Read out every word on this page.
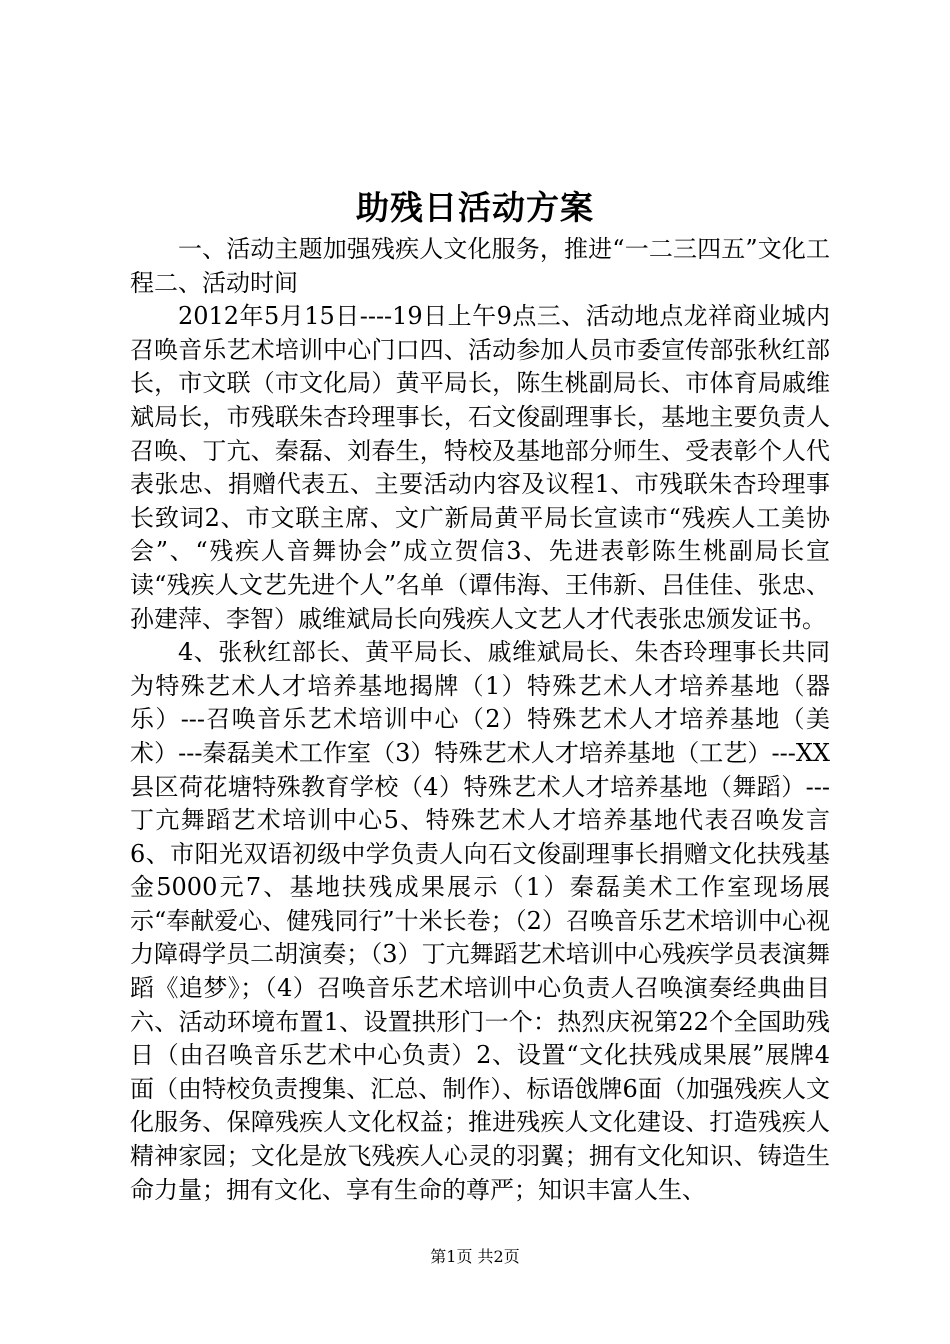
助残日活动方案

一、活动主题加强残疾人文化服务，推进“一二三四五”文化工程二、活动时间

2012年5月15日----19日上午9点三、活动地点龙祥商业城内召唤音乐艺术培训中心门口四、活动参加人员市委宣传部张秋红部长，市文联（市文化局）黄平局长，陈生桃副局长、市体育局戚维斌局长，市残联朱杏玲理事长，石文俊副理事长，基地主要负责人召唤、丁亢、秦磊、刘春生，特校及基地部分师生、受表彰个人代表张忠、捐赠代表五、主要活动内容及议程1、市残联朱杏玲理事长致词2、市文联主席、文广新局黄平局长宣读市“残疾人工美协会”、“残疾人音舞协会”成立贺信3、先进表彰陈生桃副局长宣读“残疾人文艺先进个人”名单（谭伟海、王伟新、吕佳佳、张忠、孙建萍、李智）戚维斌局长向残疾人文艺人才代表张忠颁发证书。

4、张秋红部长、黄平局长、戚维斌局长、朱杏玲理事长共同为特殊艺术人才培养基地揭牌（1）特殊艺术人才培养基地（器乐）---召唤音乐艺术培训中心（2）特殊艺术人才培养基地（美术）---秦磊美术工作室（3）特殊艺术人才培养基地（工艺）---XX县区荷花塘特殊教育学校（4）特殊艺术人才培养基地（舞蹈）---丁亢舞蹈艺术培训中心5、特殊艺术人才培养基地代表召唤发言6、市阳光双语初级中学负责人向石文俊副理事长捐赠文化扶残基金5000元7、基地扶残成果展示（1）秦磊美术工作室现场展示“奉献爱心、健残同行”十米长卷；（2）召唤音乐艺术培训中心视力障碍学员二胡演奏；（3）丁亢舞蹈艺术培训中心残疾学员表演舞蹈《追梦》；（4）召唤音乐艺术培训中心负责人召唤演奏经典曲目六、活动环境布置1、设置拱形门一个：热烈庆祝第22个全国助残日（由召唤音乐艺术中心负责）2、设置“文化扶残成果展”展牌4面（由特校负责搜集、汇总、制作）、标语戗牌6面（加强残疾人文化服务、保障残疾人文化权益；推进残疾人文化建设、打造残疾人精神家园；文化是放飞残疾人心灵的羽翼；拥有文化知识、铸造生命力量；拥有文化、享有生命的尊严；知识丰富人生、

第1页 共2页
